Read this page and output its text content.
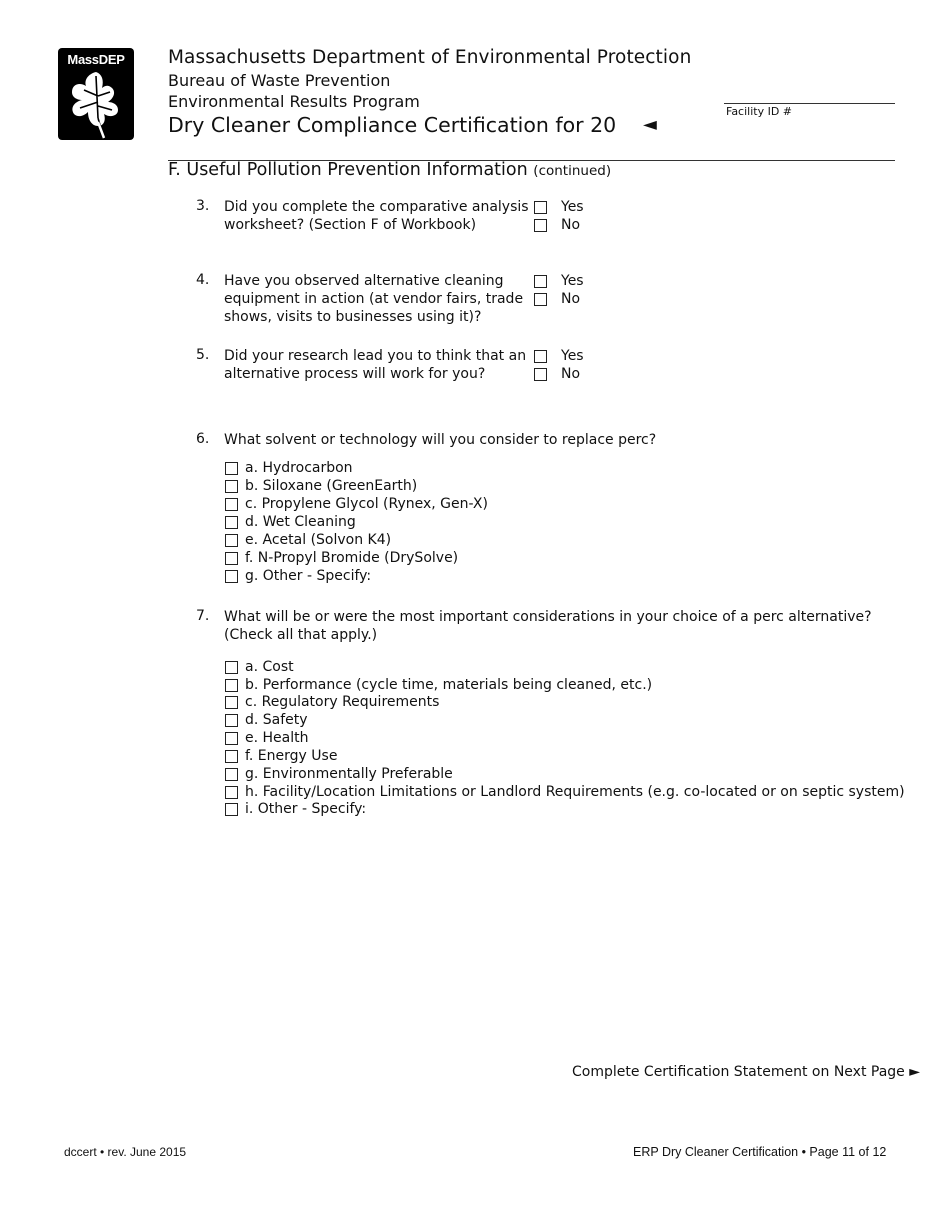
MassDEP	Massachusetts Department of Environmental Protection
Bureau of Waste Prevention
Environmental Results Program
Dry Cleaner Compliance Certification for 20 ◄
Facility ID #
F. Useful Pollution Prevention Information (continued)
3. Did you complete the comparative analysis
worksheet? (Section F of Workbook)
Yes
No
4. Have you observed alternative cleaning
equipment in action (at vendor fairs, trade
shows, visits to businesses using it)?
Yes
No
5. Did your research lead you to think that an
alternative process will work for you?
Yes
No
6. What solvent or technology will you consider to replace perc?
a. Hydrocarbon
b. Siloxane (GreenEarth)
c. Propylene Glycol (Rynex, Gen-X)
d. Wet Cleaning
e. Acetal (Solvon K4)
f. N-Propyl Bromide (DrySolve)
g. Other - Specify:
7. What will be or were the most important considerations in your choice of a perc alternative?
(Check all that apply.)
a. Cost
b. Performance (cycle time, materials being cleaned, etc.)
c. Regulatory Requirements
d. Safety
e. Health
f. Energy Use
g. Environmentally Preferable
h. Facility/Location Limitations or Landlord Requirements (e.g. co-located or on septic system)
i. Other - Specify:
Complete Certification Statement on Next Page ►
dccert • rev. June 2015	ERP Dry Cleaner Certification • Page 11 of 12
